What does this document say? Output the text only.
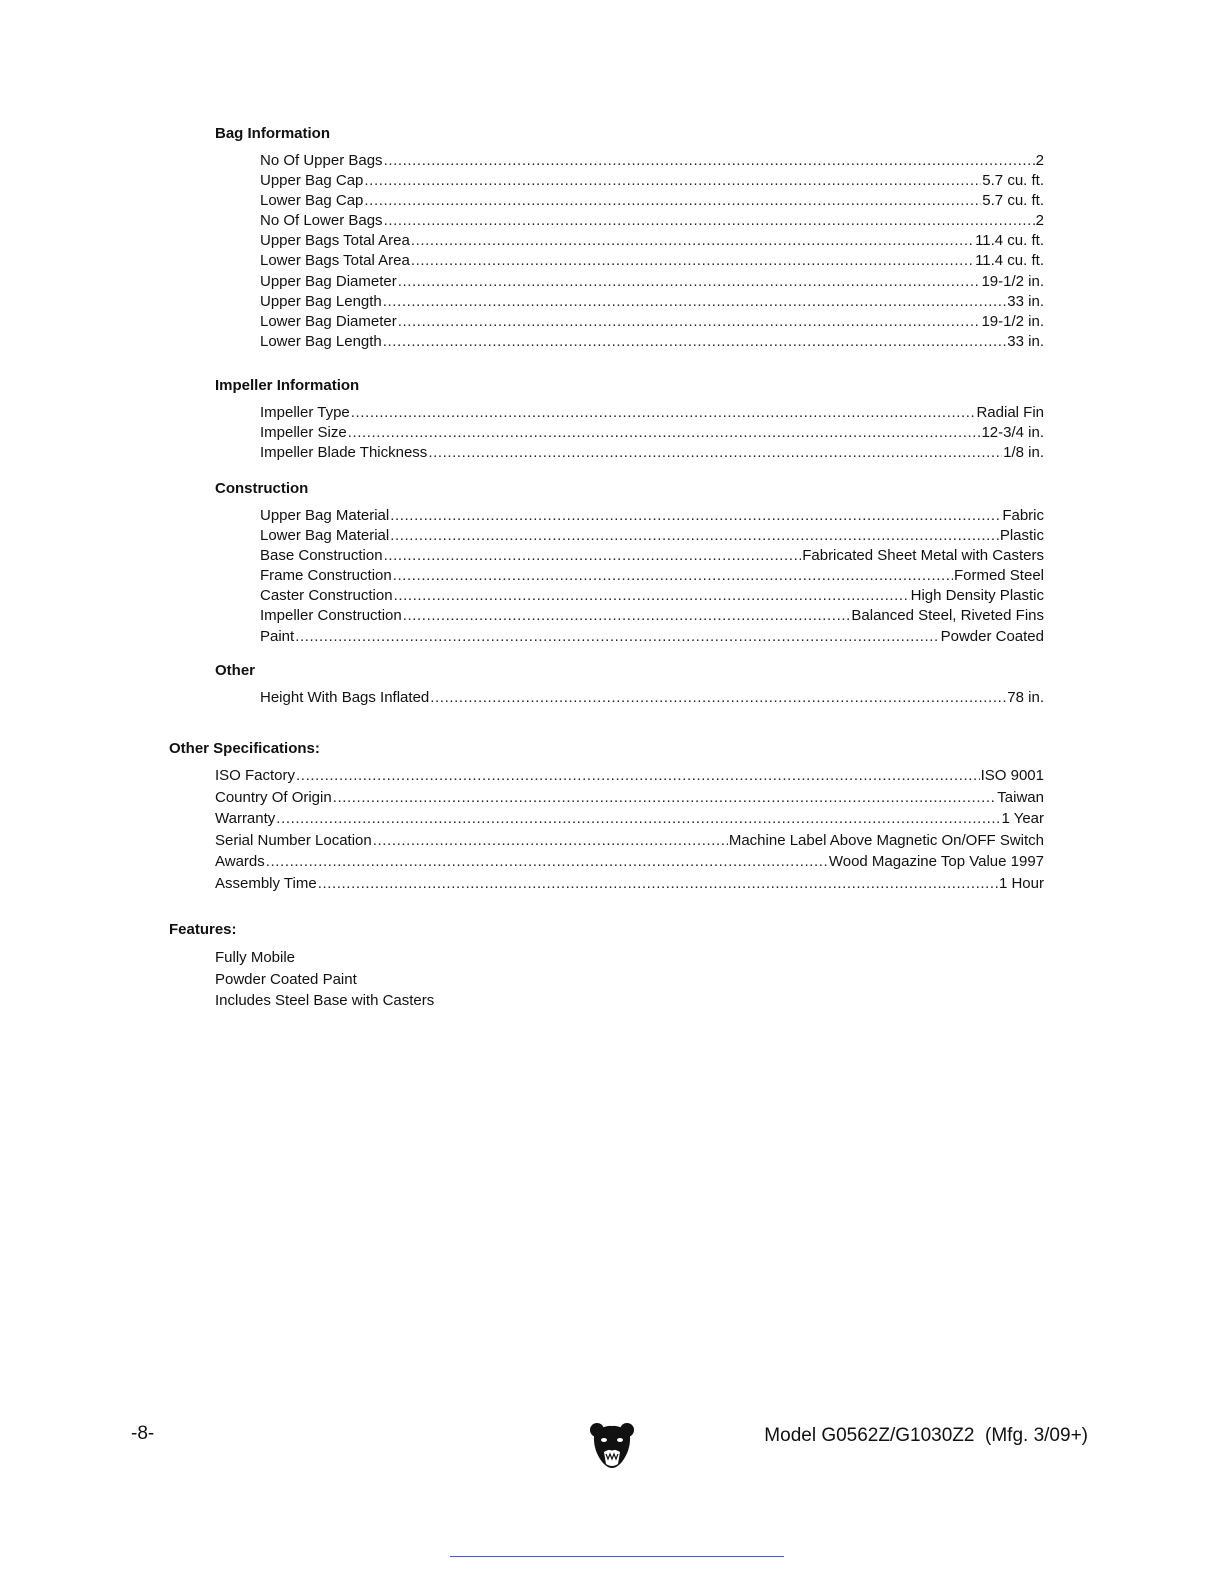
Bag Information
No Of Upper Bags .....	2
Upper Bag Cap .....	5.7 cu. ft.
Lower Bag Cap .....	5.7 cu. ft.
No Of Lower Bags .....	2
Upper Bags Total Area .....	11.4 cu. ft.
Lower Bags Total Area .....	11.4 cu. ft.
Upper Bag Diameter .....	19-1/2 in.
Upper Bag Length .....	33 in.
Lower Bag Diameter .....	19-1/2 in.
Lower Bag Length .....	33 in.
Impeller Information
Impeller Type .....	Radial Fin
Impeller Size .....	12-3/4 in.
Impeller Blade Thickness .....	1/8 in.
Construction
Upper Bag Material .....	Fabric
Lower Bag Material .....	Plastic
Base Construction .....	Fabricated Sheet Metal with Casters
Frame Construction .....	Formed Steel
Caster Construction .....	High Density Plastic
Impeller Construction .....	Balanced Steel, Riveted Fins
Paint .....	Powder Coated
Other
Height With Bags Inflated .....	78 in.
Other Specifications:
ISO Factory .....	ISO 9001
Country Of Origin .....	Taiwan
Warranty .....	1 Year
Serial Number Location .....	Machine Label Above Magnetic On/OFF Switch
Awards .....	Wood Magazine Top Value 1997
Assembly Time .....	1 Hour
Features:
Fully Mobile
Powder Coated Paint
Includes Steel Base with Casters
-8-	Model G0562Z/G1030Z2  (Mfg. 3/09+)
